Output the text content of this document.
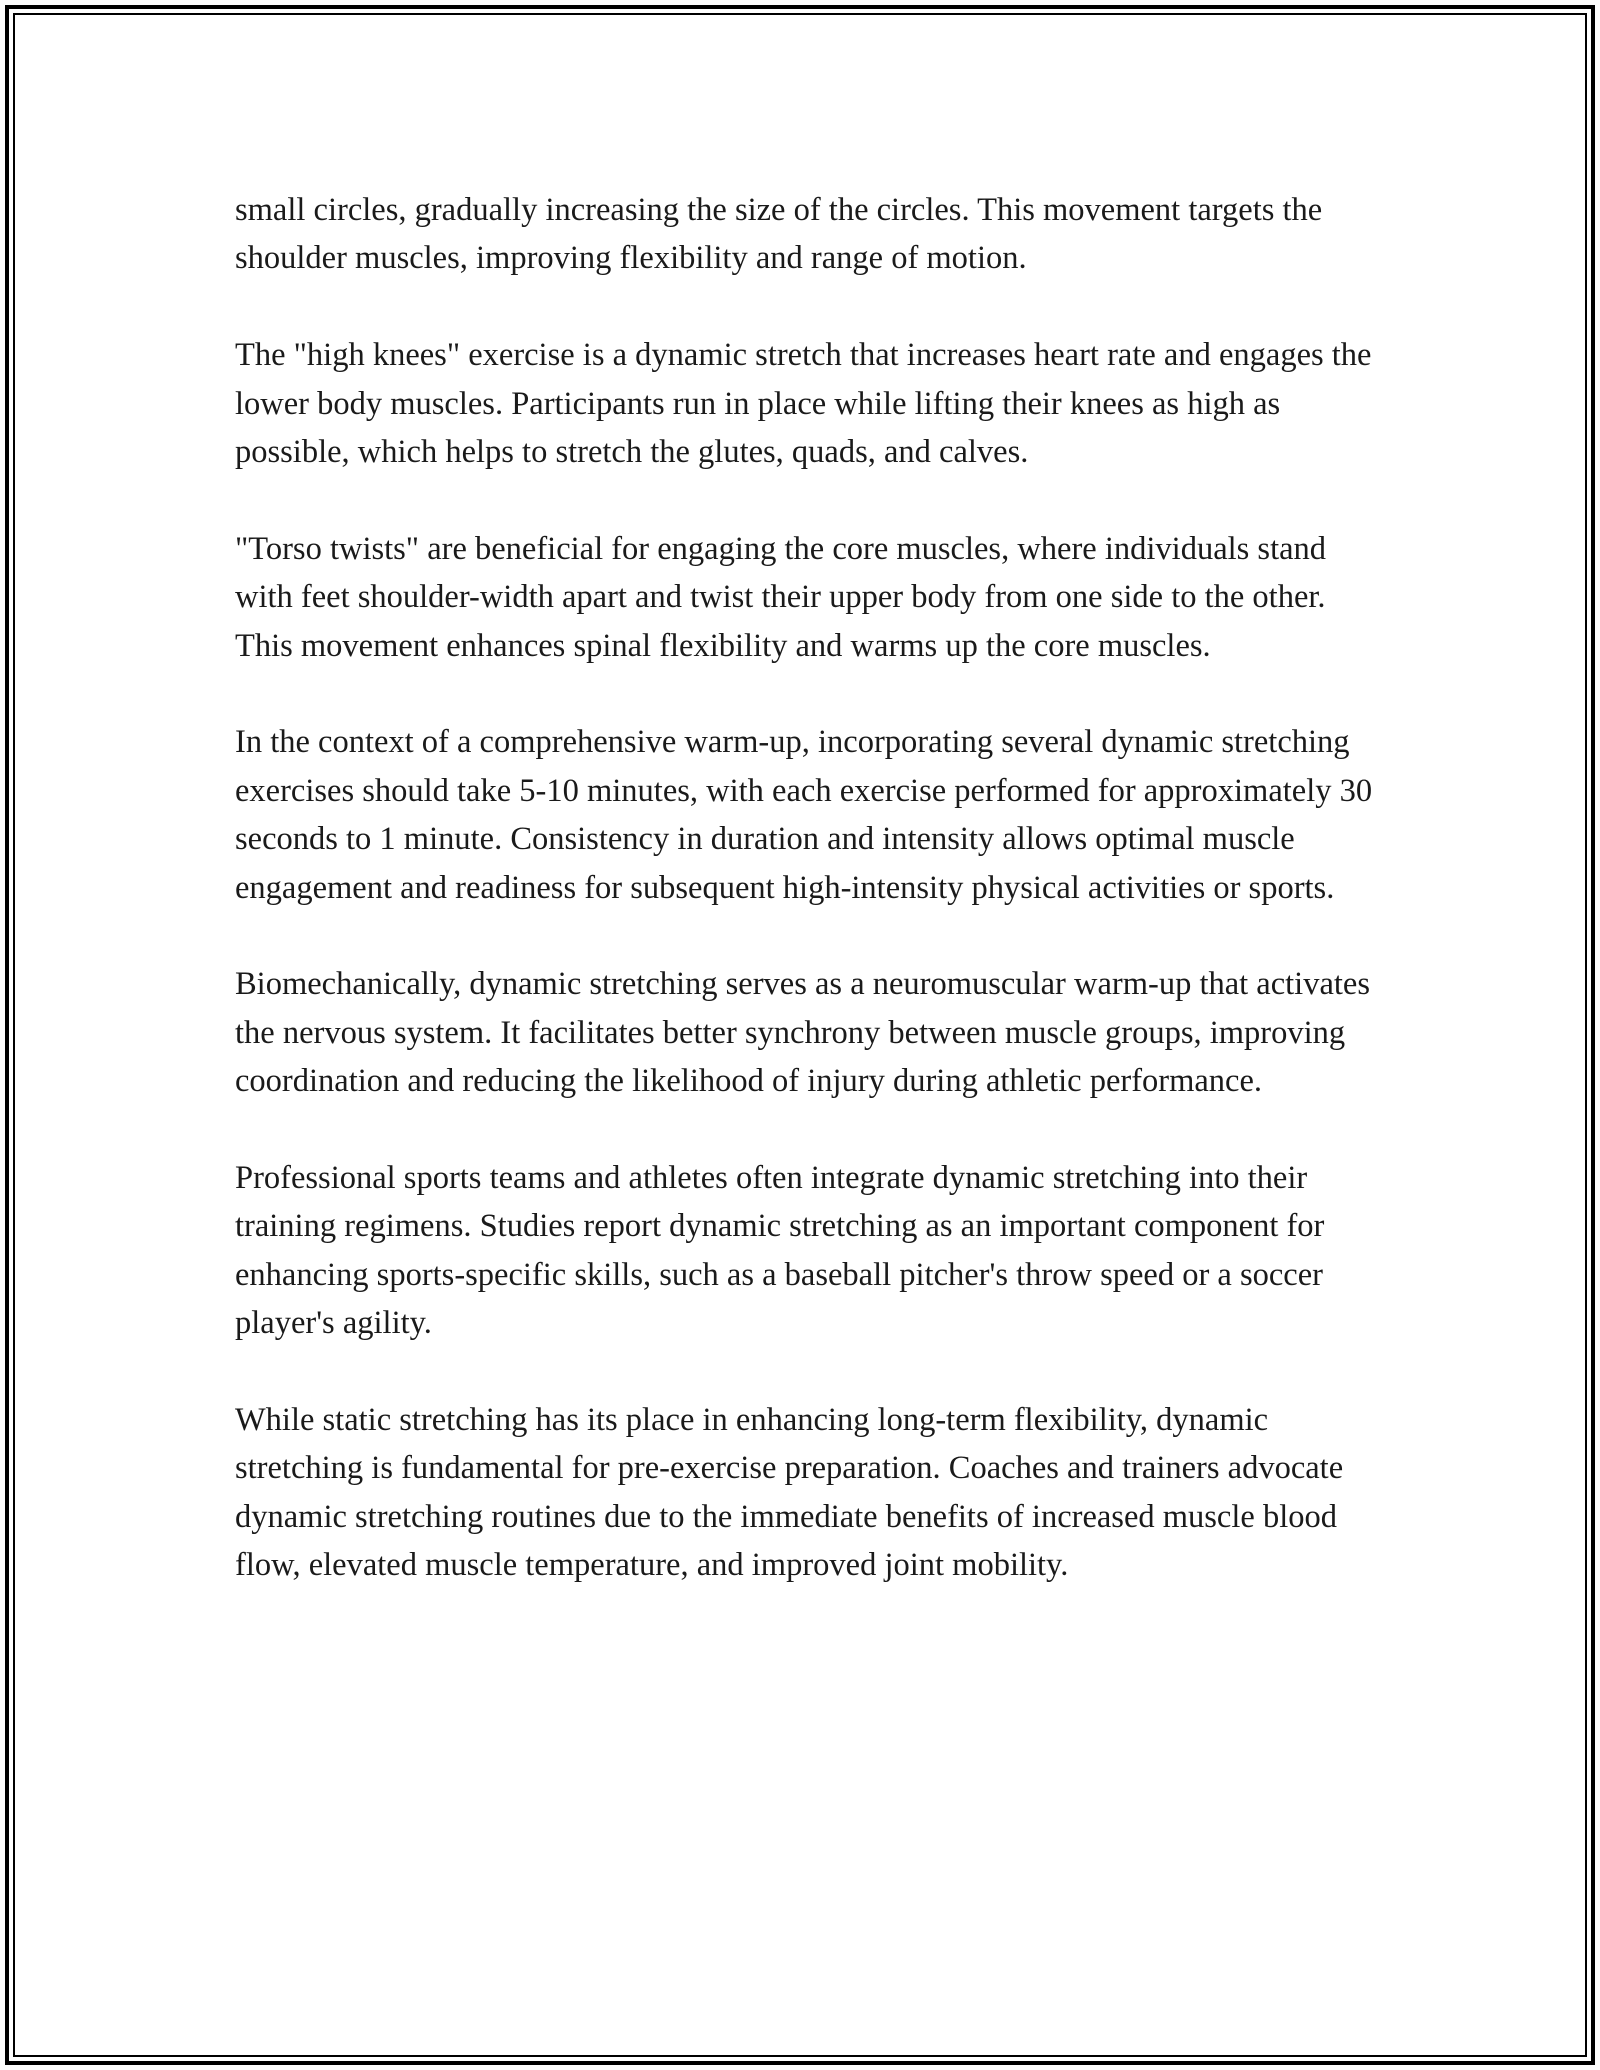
small circles, gradually increasing the size of the circles. This movement targets the shoulder muscles, improving flexibility and range of motion.

The "high knees" exercise is a dynamic stretch that increases heart rate and engages the lower body muscles. Participants run in place while lifting their knees as high as possible, which helps to stretch the glutes, quads, and calves.

"Torso twists" are beneficial for engaging the core muscles, where individuals stand with feet shoulder-width apart and twist their upper body from one side to the other. This movement enhances spinal flexibility and warms up the core muscles.

In the context of a comprehensive warm-up, incorporating several dynamic stretching exercises should take 5-10 minutes, with each exercise performed for approximately 30 seconds to 1 minute. Consistency in duration and intensity allows optimal muscle engagement and readiness for subsequent high-intensity physical activities or sports.

Biomechanically, dynamic stretching serves as a neuromuscular warm-up that activates the nervous system. It facilitates better synchrony between muscle groups, improving coordination and reducing the likelihood of injury during athletic performance.

Professional sports teams and athletes often integrate dynamic stretching into their training regimens. Studies report dynamic stretching as an important component for enhancing sports-specific skills, such as a baseball pitcher's throw speed or a soccer player's agility.

While static stretching has its place in enhancing long-term flexibility, dynamic stretching is fundamental for pre-exercise preparation. Coaches and trainers advocate dynamic stretching routines due to the immediate benefits of increased muscle blood flow, elevated muscle temperature, and improved joint mobility.
